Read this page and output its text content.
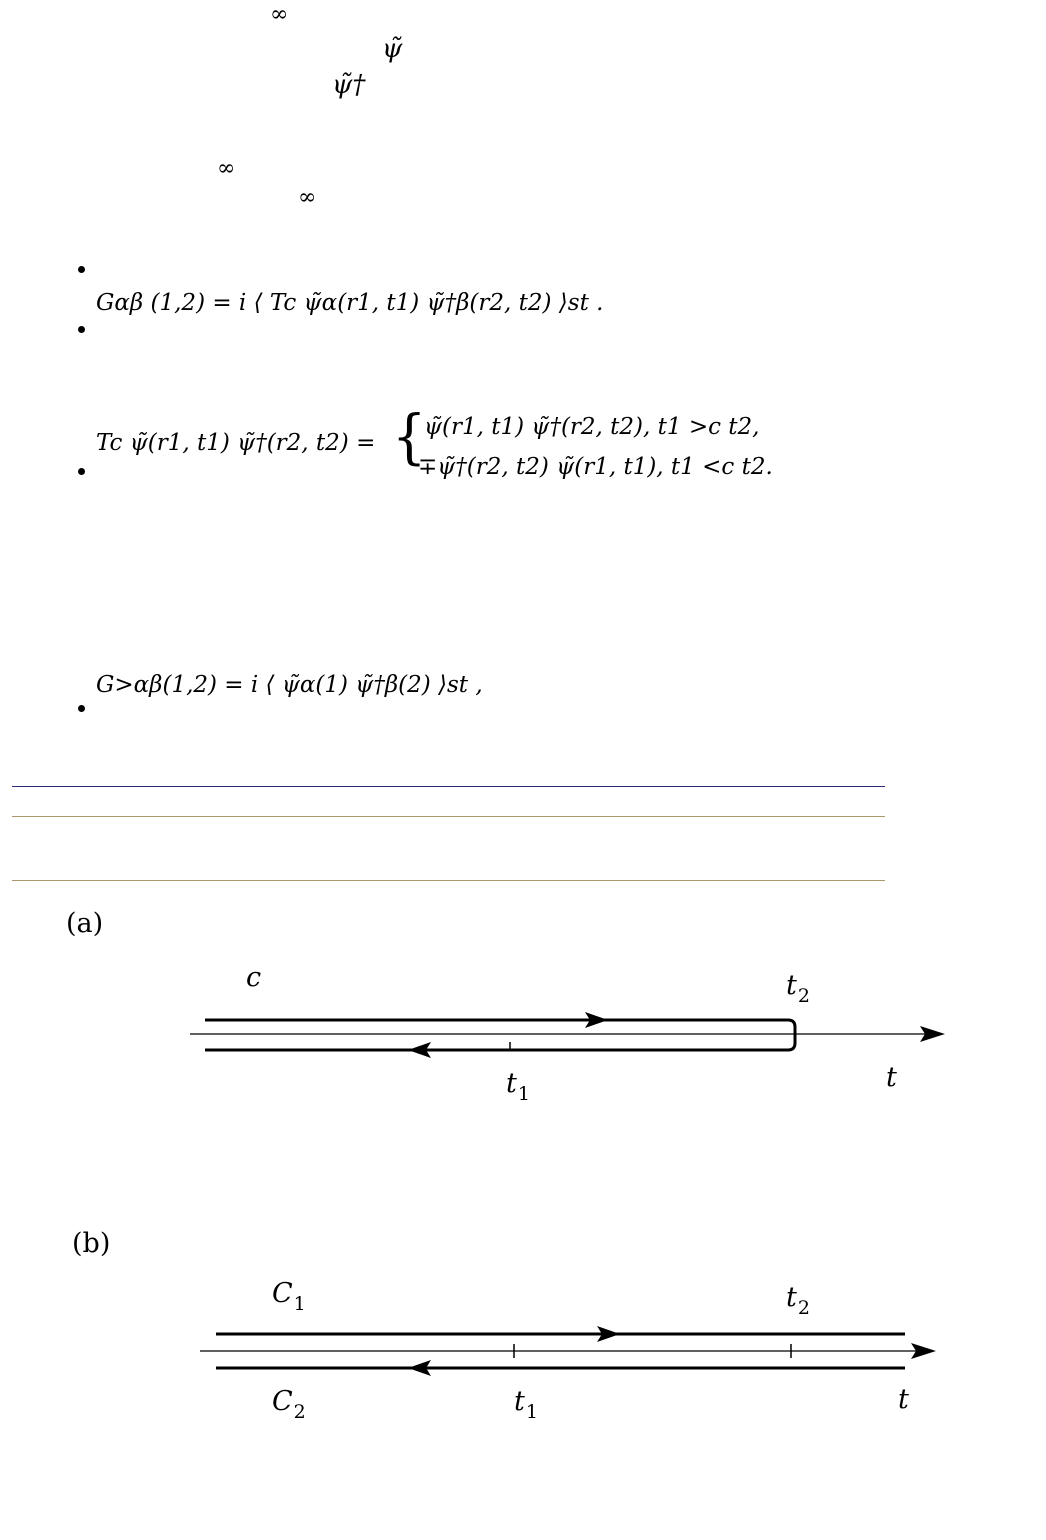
∞
ψ̃
ψ̃†
∞
∞
Gαβ (1,2) = i ⟨ Tc ψ̃α(r1, t1) ψ̃†β(r2, t2) ⟩st .
Tc ψ̃(r1, t1) ψ̃†(r2, t2) = {
ψ̃(r1, t1) ψ̃†(r2, t2), t1 >c t2,
∓ψ̃†(r2, t2) ψ̃(r1, t1), t1 <c t2.
G>αβ(1,2) = i ⟨ ψ̃α(1) ψ̃†β(2) ⟩st ,
(a)
c	$t_2$
$t_1$
t
(b)
$C_1$	$t_2$
$C_2$	$t_1$	t
